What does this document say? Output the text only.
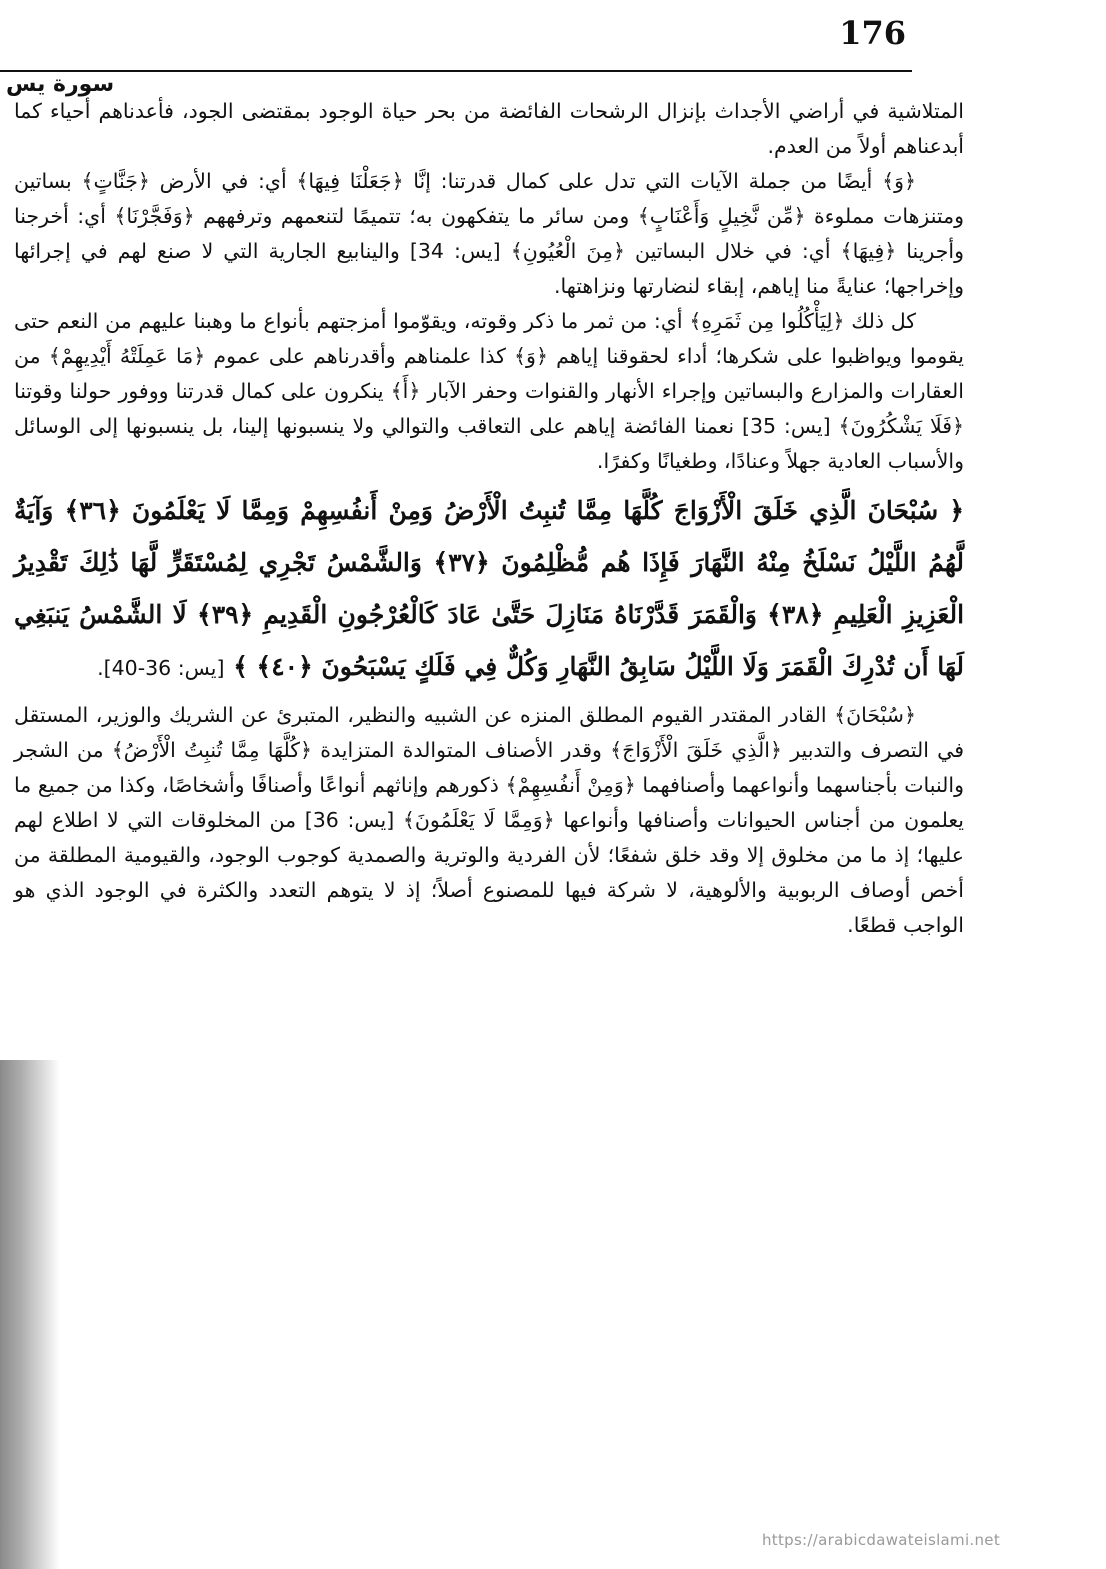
176
سورة يس

المتلاشية في أراضي الأجداث بإنزال الرشحات الفائضة من بحر حياة الوجود بمقتضى الجود، فأعدناهم أحياء كما أبدعناهم أولاً من العدم.

﴿وَ﴾ أيضًا من جملة الآيات التي تدل على كمال قدرتنا: إنَّا ﴿جَعَلْنَا فِيهَا﴾ أي: في الأرض ﴿جَنَّاتٍ﴾ بساتين ومتنزهات مملوءة ﴿مِّن نَّخِيلٍ وَأَعْنَابٍ﴾ ومن سائر ما يتفكهون به؛ تتميمًا لتنعمهم وترفههم ﴿وَفَجَّرْنَا﴾ أي: أخرجنا وأجرينا ﴿فِيهَا﴾ أي: في خلال البساتين ﴿مِنَ الْعُيُونِ﴾ [يس: 34] والينابيع الجارية التي لا صنع لهم في إجرائها وإخراجها؛ عنايةً منا إياهم، إبقاء لنضارتها ونزاهتها.

كل ذلك ﴿لِيَأْكُلُوا مِن ثَمَرِهِ﴾ أي: من ثمر ما ذكر وقوته، ويقوّموا أمزجتهم بأنواع ما وهبنا عليهم من النعم حتى يقوموا ويواظبوا على شكرها؛ أداء لحقوقنا إياهم ﴿وَ﴾ كذا علمناهم وأقدرناهم على عموم ﴿مَا عَمِلَتْهُ أَيْدِيهِمْ﴾ من العقارات والمزارع والبساتين وإجراء الأنهار والقنوات وحفر الآبار ﴿أَ﴾ ينكرون على كمال قدرتنا ووفور حولنا وقوتنا ﴿فَلَا يَشْكُرُونَ﴾ [يس: 35] نعمنا الفائضة إياهم على التعاقب والتوالي ولا ينسبونها إلينا، بل ينسبونها إلى الوسائل والأسباب العادية جهلاً وعنادًا، وطغيانًا وكفرًا.

﴿ سُبْحَانَ الَّذِي خَلَقَ الْأَزْوَاجَ كُلَّهَا مِمَّا تُنبِتُ الْأَرْضُ وَمِنْ أَنفُسِهِمْ وَمِمَّا لَا يَعْلَمُونَ ﴿٣٦﴾ وَآيَةٌ لَّهُمُ اللَّيْلُ نَسْلَخُ مِنْهُ النَّهَارَ فَإِذَا هُم مُّظْلِمُونَ ﴿٣٧﴾ وَالشَّمْسُ تَجْرِي لِمُسْتَقَرٍّ لَّهَا ذَٰلِكَ تَقْدِيرُ الْعَزِيزِ الْعَلِيمِ ﴿٣٨﴾ وَالْقَمَرَ قَدَّرْنَاهُ مَنَازِلَ حَتَّىٰ عَادَ كَالْعُرْجُونِ الْقَدِيمِ ﴿٣٩﴾ لَا الشَّمْسُ يَنبَغِي لَهَا أَن تُدْرِكَ الْقَمَرَ وَلَا اللَّيْلُ سَابِقُ النَّهَارِ وَكُلٌّ فِي فَلَكٍ يَسْبَحُونَ ﴿٤٠﴾ ﴾ [يس: 36-40].

﴿سُبْحَانَ﴾ القادر المقتدر القيوم المطلق المنزه عن الشبيه والنظير، المتبرئ عن الشريك والوزير، المستقل في التصرف والتدبير ﴿الَّذِي خَلَقَ الْأَزْوَاجَ﴾ وقدر الأصناف المتوالدة المتزايدة ﴿كُلَّهَا مِمَّا تُنبِتُ الْأَرْضُ﴾ من الشجر والنبات بأجناسهما وأنواعهما وأصنافهما ﴿وَمِنْ أَنفُسِهِمْ﴾ ذكورهم وإناثهم أنواعًا وأصنافًا وأشخاصًا، وكذا من جميع ما يعلمون من أجناس الحيوانات وأصنافها وأنواعها ﴿وَمِمَّا لَا يَعْلَمُونَ﴾ [يس: 36] من المخلوقات التي لا اطلاع لهم عليها؛ إذ ما من مخلوق إلا وقد خلق شفعًا؛ لأن الفردية والوترية والصمدية كوجوب الوجود، والقيومية المطلقة من أخص أوصاف الربوبية والألوهية، لا شركة فيها للمصنوع أصلاً؛ إذ لا يتوهم التعدد والكثرة في الوجود الذي هو الواجب قطعًا.

https://arabicdawateislami.net
